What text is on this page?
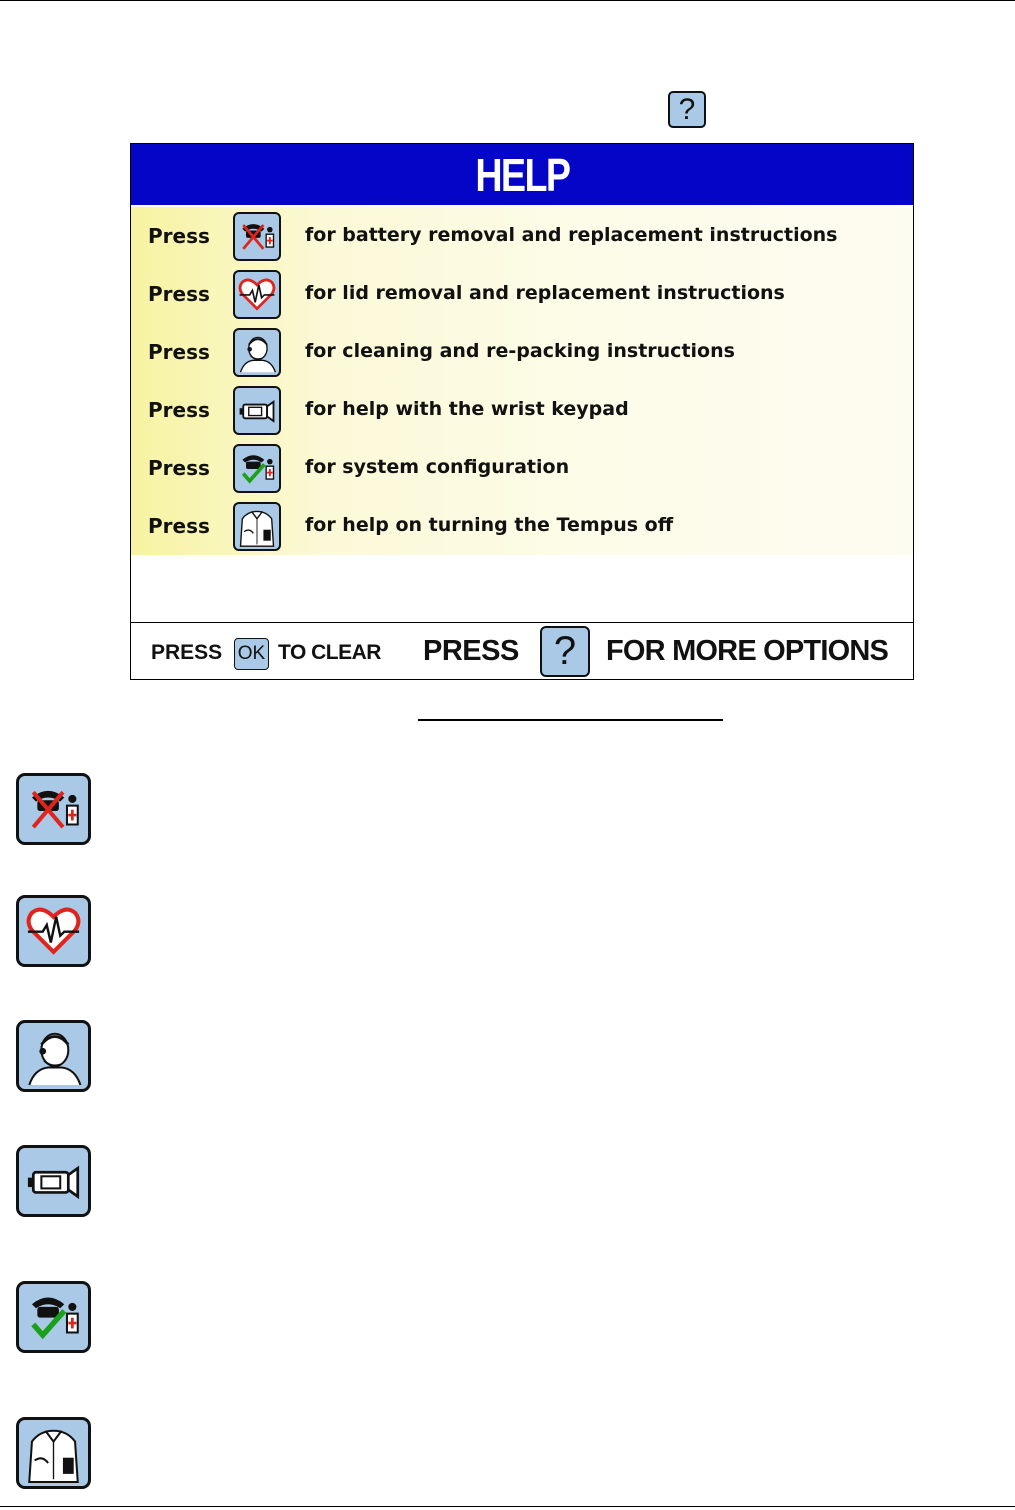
?
HELP
Press	for battery removal and replacement instructions
Press	for lid removal and replacement instructions
Press	for cleaning and re-packing instructions
Press	for help with the wrist keypad
Press	for system configuration
Press	for help on turning the Tempus off
PRESS OK TO CLEAR PRESS ? FOR MORE OPTIONS
